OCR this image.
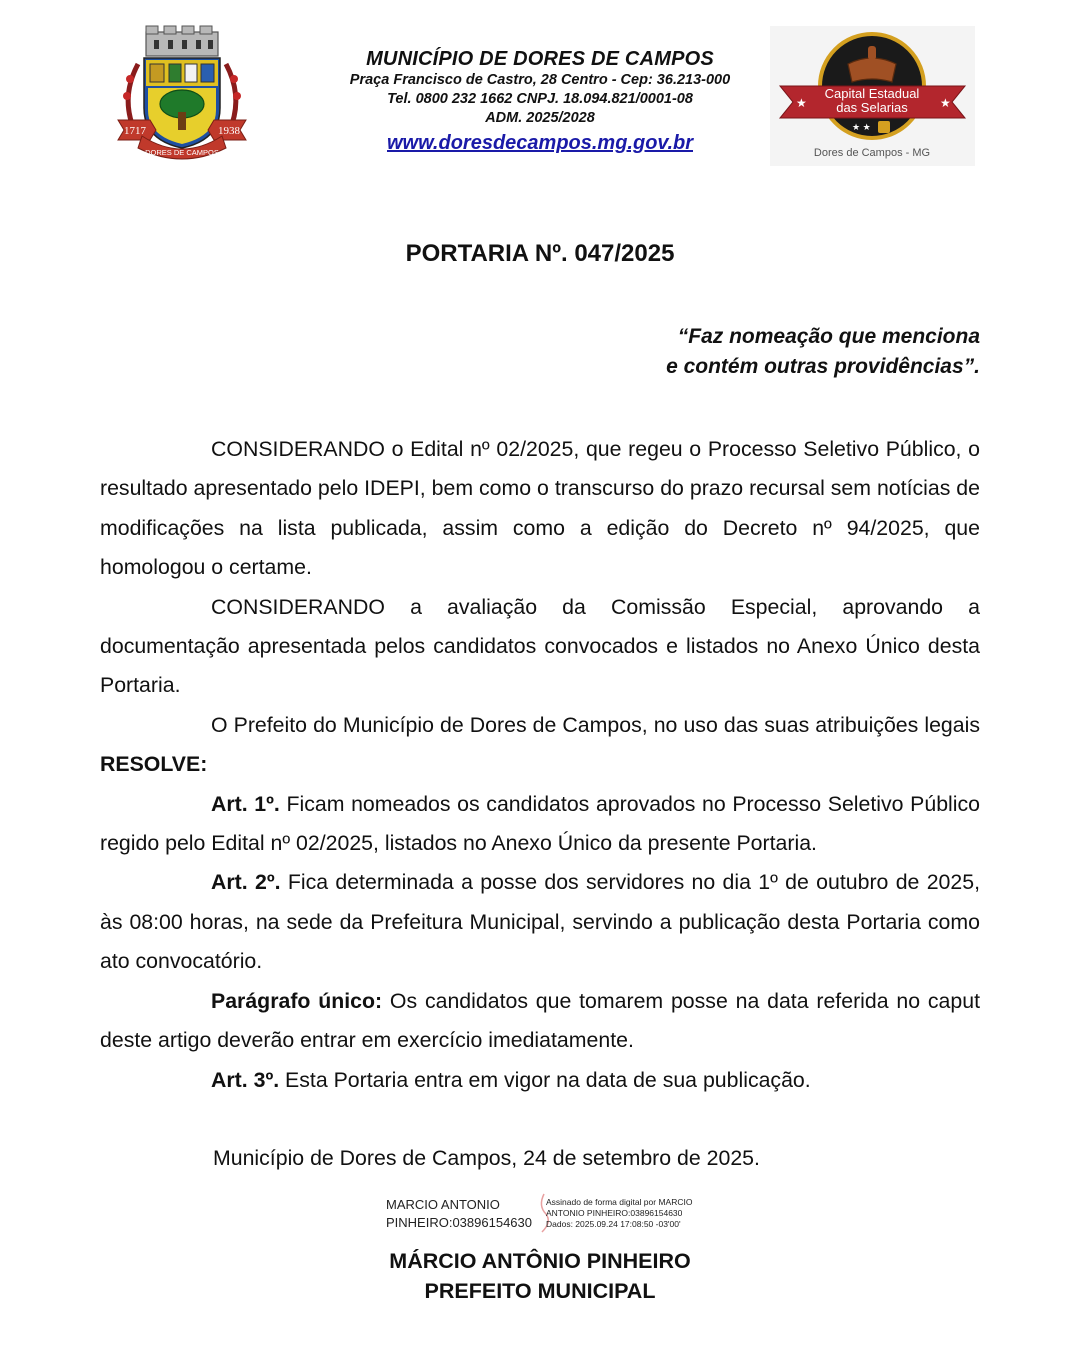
1717	1938
DORES DE CAMPOS
MUNICÍPIO DE DORES DE CAMPOS
Praça Francisco de Castro, 28 Centro - Cep: 36.213-000
Tel. 0800 232 1662 CNPJ. 18.094.821/0001-08
ADM. 2025/2028
www.doresdecampos.mg.gov.br
Capital Estadual
das Selarias
★	★
★ ★
Dores de Campos - MG
PORTARIA Nº. 047/2025
“Faz nomeação que menciona
e contém outras providências”.

CONSIDERANDO o Edital nº 02/2025, que regeu o Processo Seletivo Público, o resultado apresentado pelo IDEPI, bem como o transcurso do prazo recursal sem notícias de modificações na lista publicada, assim como a edição do Decreto nº 94/2025, que homologou o certame.

CONSIDERANDO a avaliação da Comissão Especial, aprovando a documentação apresentada pelos candidatos convocados e listados no Anexo Único desta Portaria.

O Prefeito do Município de Dores de Campos, no uso das suas atribuições legais RESOLVE:

Art. 1º. Ficam nomeados os candidatos aprovados no Processo Seletivo Público regido pelo Edital nº 02/2025, listados no Anexo Único da presente Portaria.

Art. 2º. Fica determinada a posse dos servidores no dia 1º de outubro de 2025, às 08:00 horas, na sede da Prefeitura Municipal, servindo a publicação desta Portaria como ato convocatório.

Parágrafo único: Os candidatos que tomarem posse na data referida no caput deste artigo deverão entrar em exercício imediatamente.

Art. 3º. Esta Portaria entra em vigor na data de sua publicação.

Município de Dores de Campos, 24 de setembro de 2025.
MARCIO ANTONIO
PINHEIRO:03896154630
Assinado de forma digital por MARCIO
ANTONIO PINHEIRO:03896154630
Dados: 2025.09.24 17:08:50 -03'00'
MÁRCIO ANTÔNIO PINHEIRO
PREFEITO MUNICIPAL
